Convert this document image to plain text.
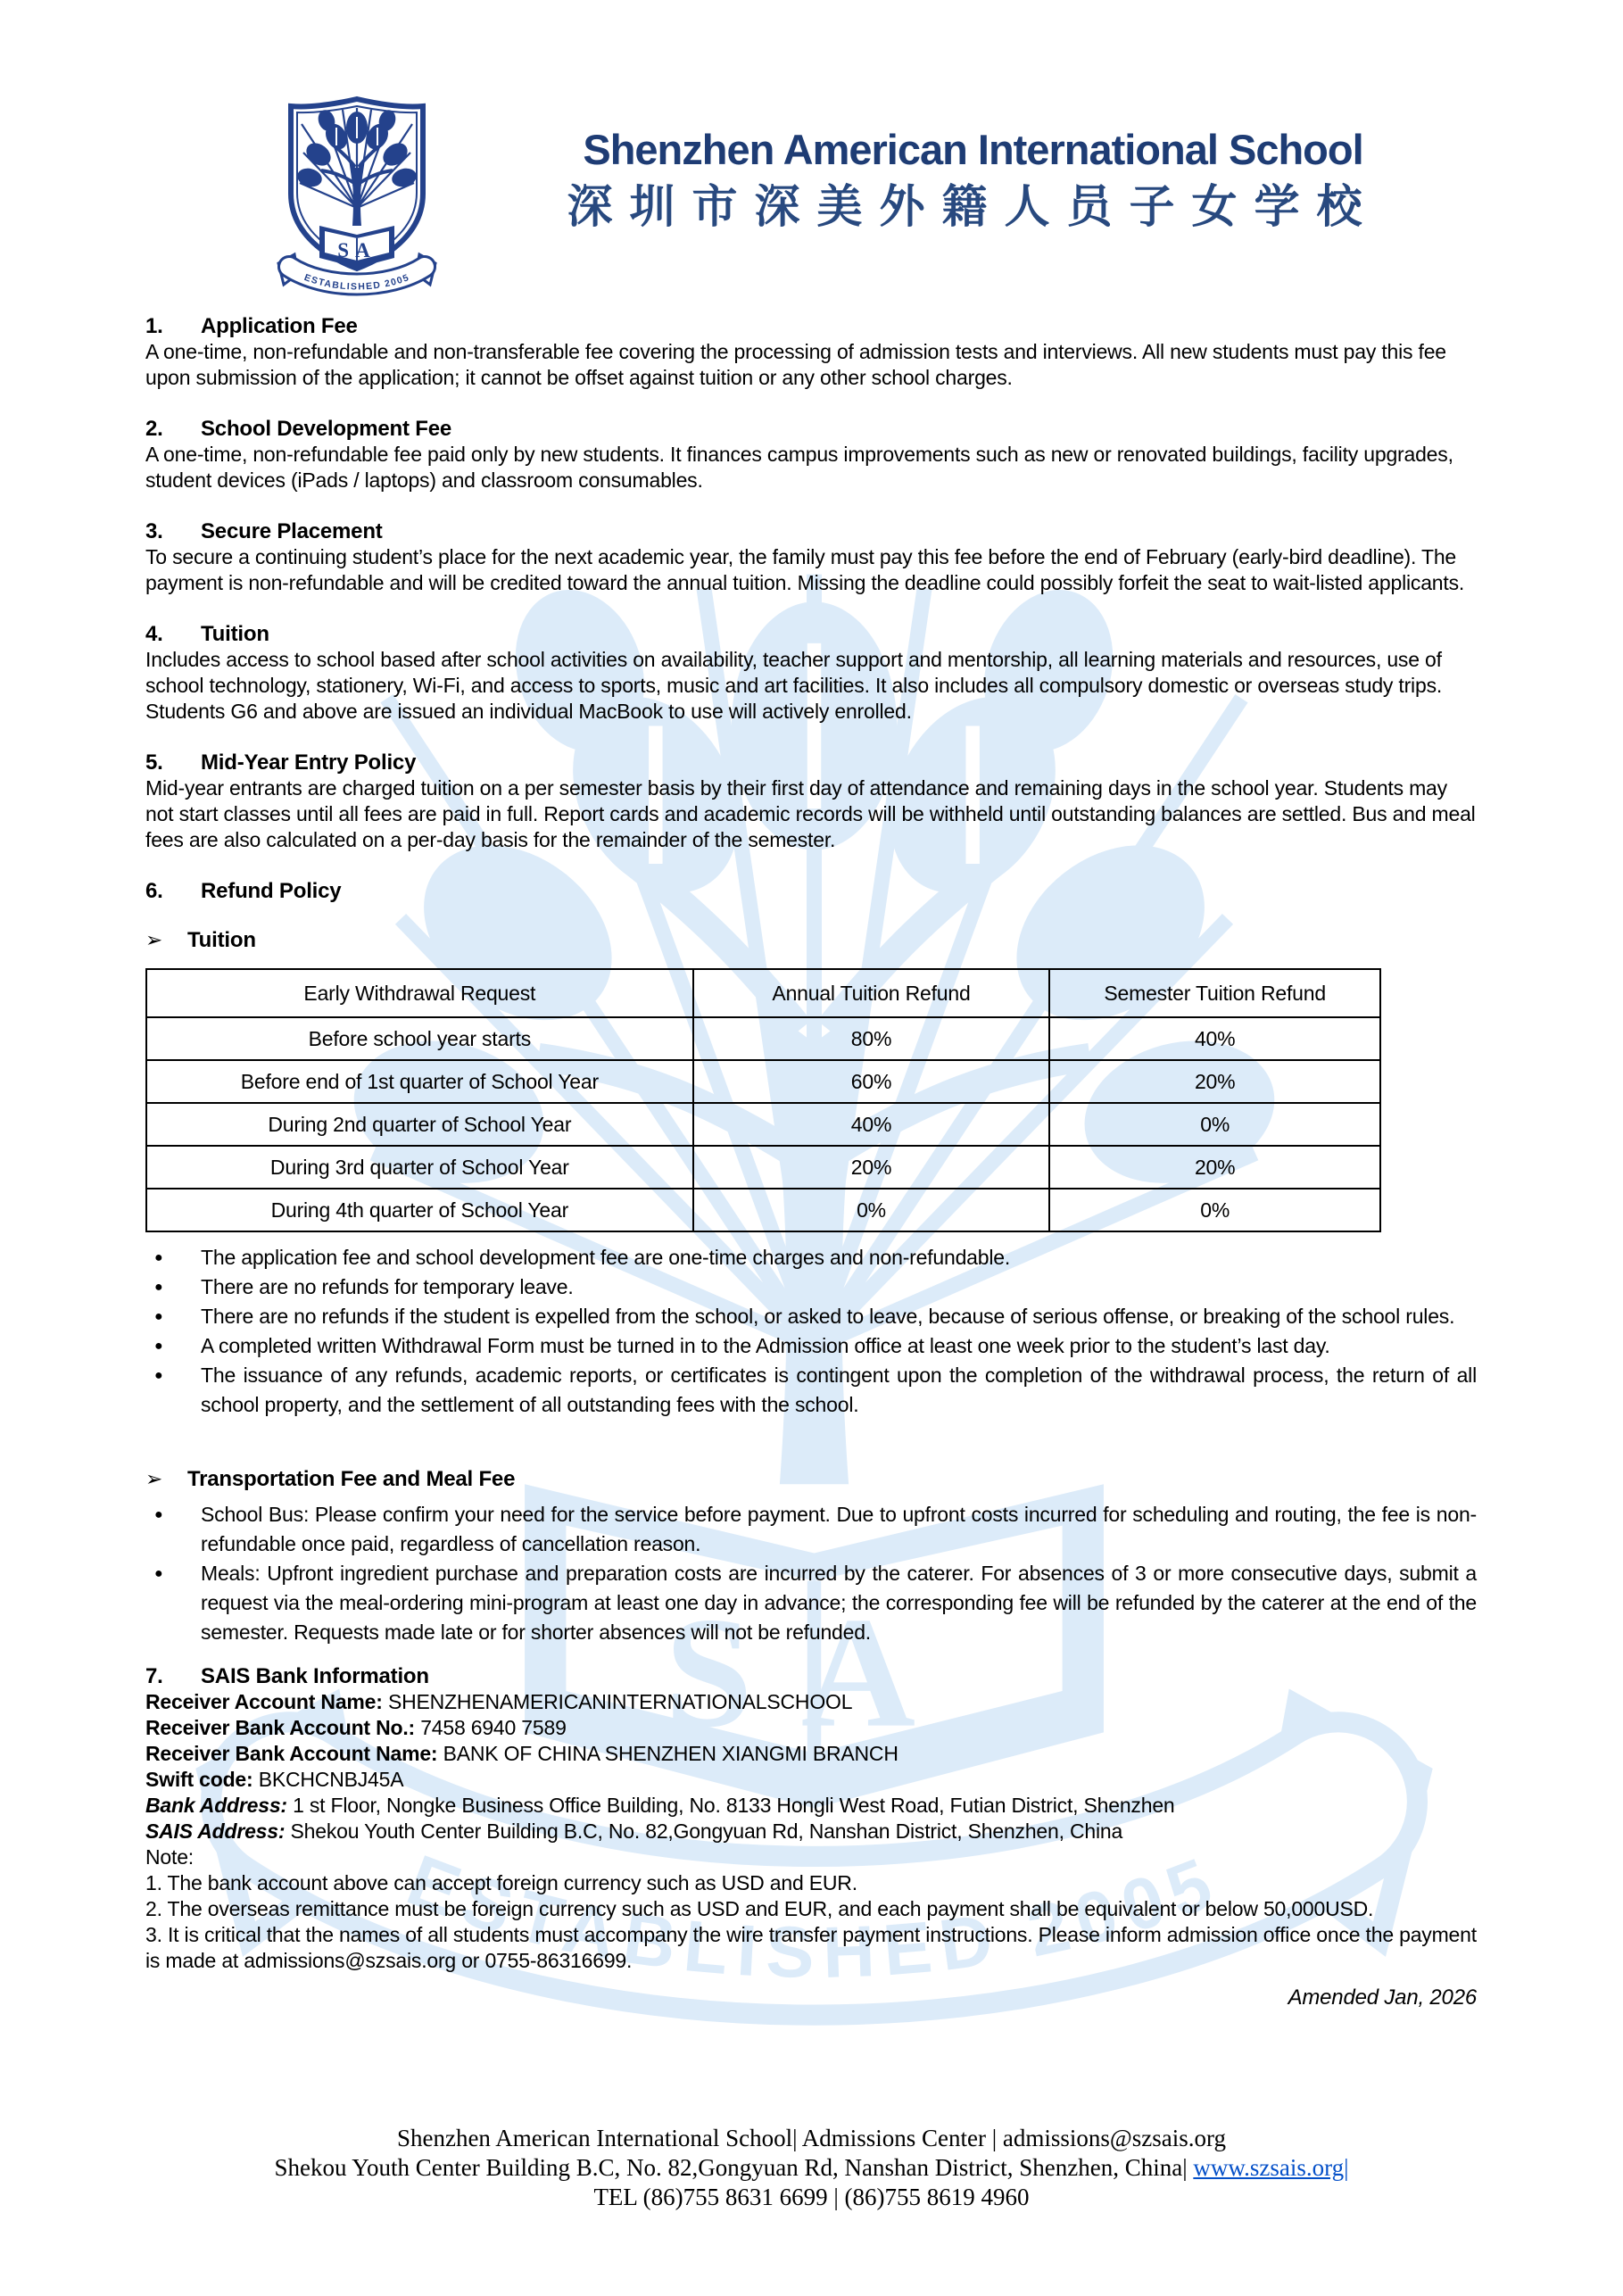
Shenzhen American International School
深圳市深美外籍人员子女学校
1. Application Fee

A one-time, non-refundable and non-transferable fee covering the processing of admission tests and interviews. All new students must pay this fee upon submission of the application; it cannot be offset against tuition or any other school charges.

2. School Development Fee

A one-time, non-refundable fee paid only by new students. It finances campus improvements such as new or renovated buildings, facility upgrades, student devices (iPads / laptops) and classroom consumables.

3. Secure Placement

To secure a continuing student’s place for the next academic year, the family must pay this fee before the end of February (early-bird deadline). The payment is non-refundable and will be credited toward the annual tuition. Missing the deadline could possibly forfeit the seat to wait-listed applicants.

4. Tuition

Includes access to school based after school activities on availability, teacher support and mentorship, all learning materials and resources, use of school technology, stationery, Wi-Fi, and access to sports, music and art facilities. It also includes all compulsory domestic or overseas study trips. Students G6 and above are issued an individual MacBook to use will actively enrolled.

5. Mid-Year Entry Policy

Mid-year entrants are charged tuition on a per semester basis by their first day of attendance and remaining days in the school year. Students may not start classes until all fees are paid in full. Report cards and academic records will be withheld until outstanding balances are settled. Bus and meal fees are also calculated on a per-day basis for the remainder of the semester.

6. Refund Policy
➢ Tuition
Early Withdrawal Request	Annual Tuition Refund	Semester Tuition Refund
Before school year starts	80%	40%
Before end of 1st quarter of School Year	60%	20%
During 2nd quarter of School Year	40%	0%
During 3rd quarter of School Year	20%	20%
During 4th quarter of School Year	0%	0%
● The application fee and school development fee are one-time charges and non-refundable.
● There are no refunds for temporary leave.
● There are no refunds if the student is expelled from the school, or asked to leave, because of serious offense, or breaking of the school rules.
● A completed written Withdrawal Form must be turned in to the Admission office at least one week prior to the student’s last day.
● The issuance of any refunds, academic reports, or certificates is contingent upon the completion of the withdrawal process, the return of all school property, and the settlement of all outstanding fees with the school.
➢ Transportation Fee and Meal Fee
● School Bus: Please confirm your need for the service before payment. Due to upfront costs incurred for scheduling and routing, the fee is non-refundable once paid, regardless of cancellation reason.
● Meals: Upfront ingredient purchase and preparation costs are incurred by the caterer. For absences of 3 or more consecutive days, submit a request via the meal-ordering mini-program at least one day in advance; the corresponding fee will be refunded by the caterer at the end of the semester. Requests made late or for shorter absences will not be refunded.
7. SAIS Bank Information

Receiver Account Name: SHENZHENAMERICANINTERNATIONALSCHOOL

Receiver Bank Account No.: 7458 6940 7589

Receiver Bank Account Name: BANK OF CHINA SHENZHEN XIANGMI BRANCH

Swift code: BKCHCNBJ45A

Bank Address: 1 st Floor, Nongke Business Office Building, No. 8133 Hongli West Road, Futian District, Shenzhen

SAIS Address: Shekou Youth Center Building B.C, No. 82,Gongyuan Rd, Nanshan District, Shenzhen, China

Note:

1. The bank account above can accept foreign currency such as USD and EUR.

2. The overseas remittance must be foreign currency such as USD and EUR, and each payment shall be equivalent or below 50,000USD.

3. It is critical that the names of all students must accompany the wire transfer payment instructions. Please inform admission office once the payment is made at admissions@szsais.org or 0755-86316699.

Amended Jan, 2026
Shenzhen American International School| Admissions Center | admissions@szsais.org
Shekou Youth Center Building B.C, No. 82,Gongyuan Rd, Nanshan District, Shenzhen, China| www.szsais.org|
TEL (86)755 8631 6699 | (86)755 8619 4960
